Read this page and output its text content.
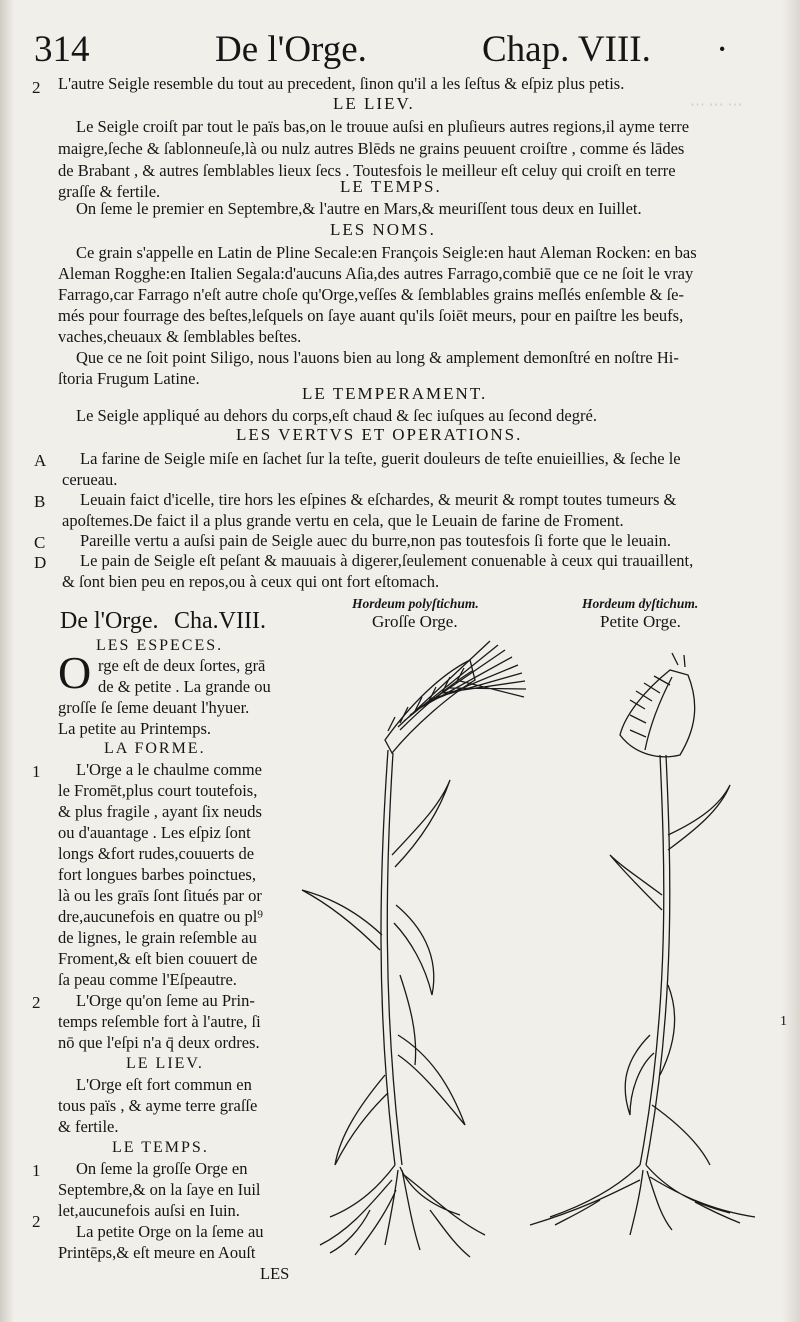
⋯ ⋯ ⋯
314	De l'Orge.	Chap. VIII. ·
2 L'autre Seigle resemble du tout au precedent, ſinon qu'il a les ſeſtus & eſpiz plus petis.
LE LIEV.
Le Seigle croiſt par tout le païs bas,on le trouue auſsi en pluſieurs autres regions,il ayme terre
maigre,ſeche & ſablonneuſe,là ou nulz autres Blēds ne grains peuuent croiſtre , comme és lādes
de Brabant , & autres ſemblables lieux ſecs . Toutesfois le meilleur eſt celuy qui croiſt en terre
graſſe & fertile.	LE TEMPS.
On ſeme le premier en Septembre,& l'autre en Mars,& meuriſſent tous deux en Iuillet.
LES NOMS.
Ce grain s'appelle en Latin de Pline Secale:en François Seigle:en haut Aleman Rocken: en bas
Aleman Rogghe:en Italien Segala:d'aucuns Aſia,des autres Farrago,combiē que ce ne ſoit le vray
Farrago,car Farrago n'eſt autre choſe qu'Orge,veſſes & ſemblables grains meſlés enſemble & ſe-
més pour fourrage des beſtes,leſquels on ſaye auant qu'ils ſoiēt meurs, pour en paiſtre les beufs,
vaches,cheuaux & ſemblables beſtes.
Que ce ne ſoit point Siligo, nous l'auons bien au long & amplement demonſtré en noſtre Hi-
ſtoria Frugum Latine.
LE TEMPERAMENT.
Le Seigle appliqué au dehors du corps,eſt chaud & ſec iuſques au ſecond degré.
LES VERTVS ET OPERATIONS.
A La farine de Seigle miſe en ſachet ſur la teſte, guerit douleurs de teſte enuieillies, & ſeche le
cerueau.
B Leuain faict d'icelle, tire hors les eſpines & eſchardes, & meurit & rompt toutes tumeurs &
apoſtemes.De faict il a plus grande vertu en cela, que le Leuain de farine de Froment.
C Pareille vertu a auſsi pain de Seigle auec du burre,non pas toutesfois ſi forte que le leuain.
D Le pain de Seigle eſt peſant & mauuais à digerer,ſeulement conuenable à ceux qui trauaillent,
& ſont bien peu en repos,ou à ceux qui ont fort eſtomach.
De l'Orge. Cha.VIII.
LES ESPECES.
O rge eſt de deux ſortes, grā
de & petite . La grande ou
groſſe ſe ſeme deuant l'hyuer.
La petite au Printemps.
LA FORME.
1 L'Orge a le chaulme comme
le Fromēt,plus court toutefois,
& plus fragile , ayant ſix neuds
ou d'auantage . Les eſpiz ſont
longs &fort rudes,couuerts de
fort longues barbes poinctues,
là ou les graīs ſont ſitués par or
dre,aucunefois en quatre ou pl⁹
de lignes, le grain reſemble au
Froment,& eſt bien couuert de
ſa peau comme l'Eſpeautre.
2 L'Orge qu'on ſeme au Prin-
temps reſemble fort à l'autre, ſi
nō que l'eſpi n'a q̄ deux ordres.
LE LIEV.
L'Orge eſt fort commun en
tous païs , & ayme terre graſſe
& fertile.
LE TEMPS.
1 On ſeme la groſſe Orge en
Septembre,& on la ſaye en Iuil
let,aucunefois auſsi en Iuin.
2
La petite Orge on la ſeme au
Printēps,& eſt meure en Aouſt
LES
Hordeum polyſtichum.
Groſſe Orge.
Hordeum dyſtichum.
Petite Orge.
1
